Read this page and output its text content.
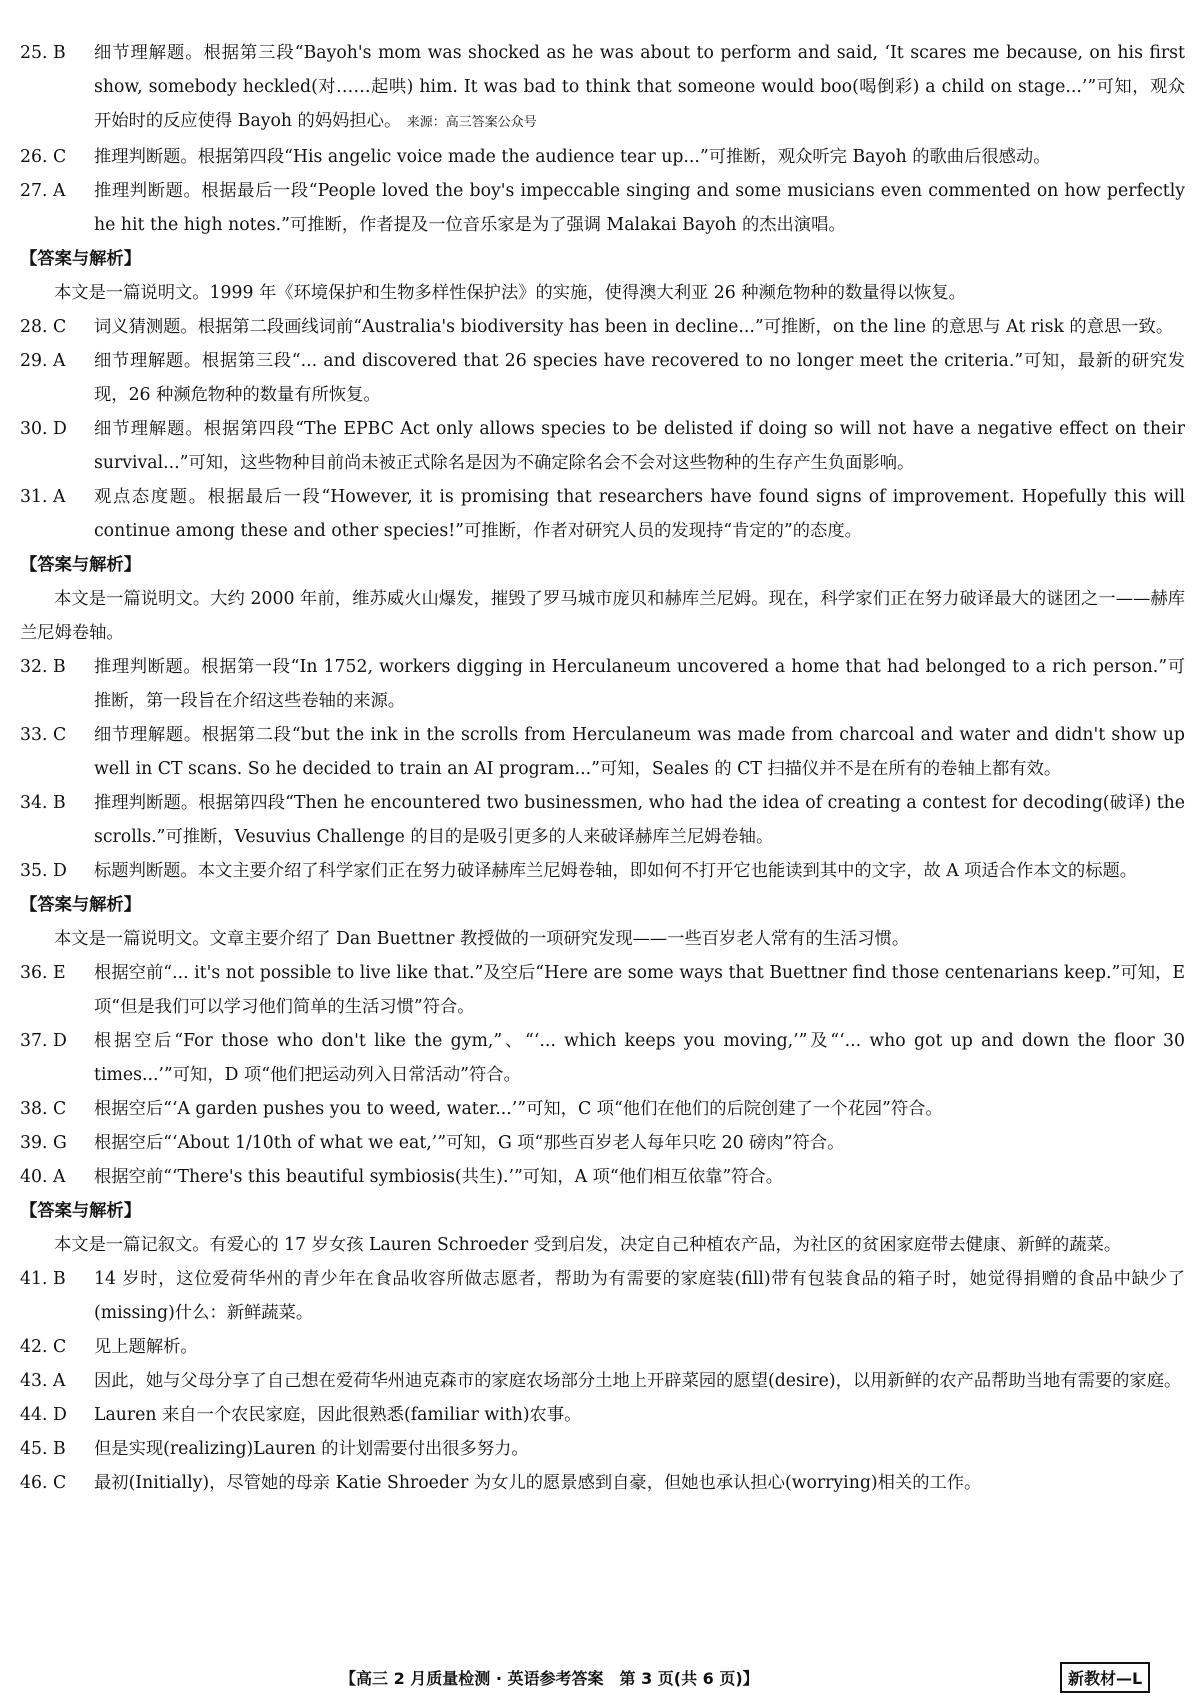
25. B	细节理解题。根据第三段“Bayoh's mom was shocked as he was about to perform and said, ‘It scares me because, on his first show, somebody heckled(对……起哄) him. It was bad to think that someone would boo(喝倒彩) a child on stage...’”可知，观众开始时的反应使得 Bayoh 的妈妈担心。 来源：高三答案公众号
26. C	推理判断题。根据第四段“His angelic voice made the audience tear up...”可推断，观众听完 Bayoh 的歌曲后很感动。
27. A	推理判断题。根据最后一段“People loved the boy's impeccable singing and some musicians even commented on how perfectly he hit the high notes.”可推断，作者提及一位音乐家是为了强调 Malakai Bayoh 的杰出演唱。
【答案与解析】
本文是一篇说明文。1999 年《环境保护和生物多样性保护法》的实施，使得澳大利亚 26 种濒危物种的数量得以恢复。
28. C	词义猜测题。根据第二段画线词前“Australia's biodiversity has been in decline...”可推断，on the line 的意思与 At risk 的意思一致。
29. A	细节理解题。根据第三段“... and discovered that 26 species have recovered to no longer meet the criteria.”可知，最新的研究发现，26 种濒危物种的数量有所恢复。
30. D	细节理解题。根据第四段“The EPBC Act only allows species to be delisted if doing so will not have a negative effect on their survival...”可知，这些物种目前尚未被正式除名是因为不确定除名会不会对这些物种的生存产生负面影响。
31. A	观点态度题。根据最后一段“However, it is promising that researchers have found signs of improvement. Hopefully this will continue among these and other species!”可推断，作者对研究人员的发现持“肯定的”的态度。
【答案与解析】
本文是一篇说明文。大约 2000 年前，维苏威火山爆发，摧毁了罗马城市庞贝和赫库兰尼姆。现在，科学家们正在努力破译最大的谜团之一——赫库兰尼姆卷轴。
32. B	推理判断题。根据第一段“In 1752, workers digging in Herculaneum uncovered a home that had belonged to a rich person.”可推断，第一段旨在介绍这些卷轴的来源。
33. C	细节理解题。根据第二段“but the ink in the scrolls from Herculaneum was made from charcoal and water and didn't show up well in CT scans. So he decided to train an AI program...”可知，Seales 的 CT 扫描仪并不是在所有的卷轴上都有效。
34. B	推理判断题。根据第四段“Then he encountered two businessmen, who had the idea of creating a contest for decoding(破译) the scrolls.”可推断，Vesuvius Challenge 的目的是吸引更多的人来破译赫库兰尼姆卷轴。
35. D	标题判断题。本文主要介绍了科学家们正在努力破译赫库兰尼姆卷轴，即如何不打开它也能读到其中的文字，故 A 项适合作本文的标题。
【答案与解析】
本文是一篇说明文。文章主要介绍了 Dan Buettner 教授做的一项研究发现——一些百岁老人常有的生活习惯。
36. E	根据空前“... it's not possible to live like that.”及空后“Here are some ways that Buettner find those centenarians keep.”可知，E 项“但是我们可以学习他们简单的生活习惯”符合。
37. D	根据空后“For those who don't like the gym,”、“‘... which keeps you moving,’”及“‘... who got up and down the floor 30 times...’”可知，D 项“他们把运动列入日常活动”符合。
38. C	根据空后“‘A garden pushes you to weed, water...’”可知，C 项“他们在他们的后院创建了一个花园”符合。
39. G	根据空后“‘About 1/10th of what we eat,’”可知，G 项“那些百岁老人每年只吃 20 磅肉”符合。
40. A	根据空前“‘There's this beautiful symbiosis(共生).’”可知，A 项“他们相互依靠”符合。
【答案与解析】
本文是一篇记叙文。有爱心的 17 岁女孩 Lauren Schroeder 受到启发，决定自己种植农产品，为社区的贫困家庭带去健康、新鲜的蔬菜。
41. B	14 岁时，这位爱荷华州的青少年在食品收容所做志愿者，帮助为有需要的家庭装(fill)带有包装食品的箱子时，她觉得捐赠的食品中缺少了(missing)什么：新鲜蔬菜。
42. C	见上题解析。
43. A	因此，她与父母分享了自己想在爱荷华州迪克森市的家庭农场部分土地上开辟菜园的愿望(desire)，以用新鲜的农产品帮助当地有需要的家庭。
44. D	Lauren 来自一个农民家庭，因此很熟悉(familiar with)农事。
45. B	但是实现(realizing)Lauren 的计划需要付出很多努力。
46. C	最初(Initially)，尽管她的母亲 Katie Shroeder 为女儿的愿景感到自豪，但她也承认担心(worrying)相关的工作。
【高三 2 月质量检测 · 英语参考答案　第 3 页(共 6 页)】	新教材—L
